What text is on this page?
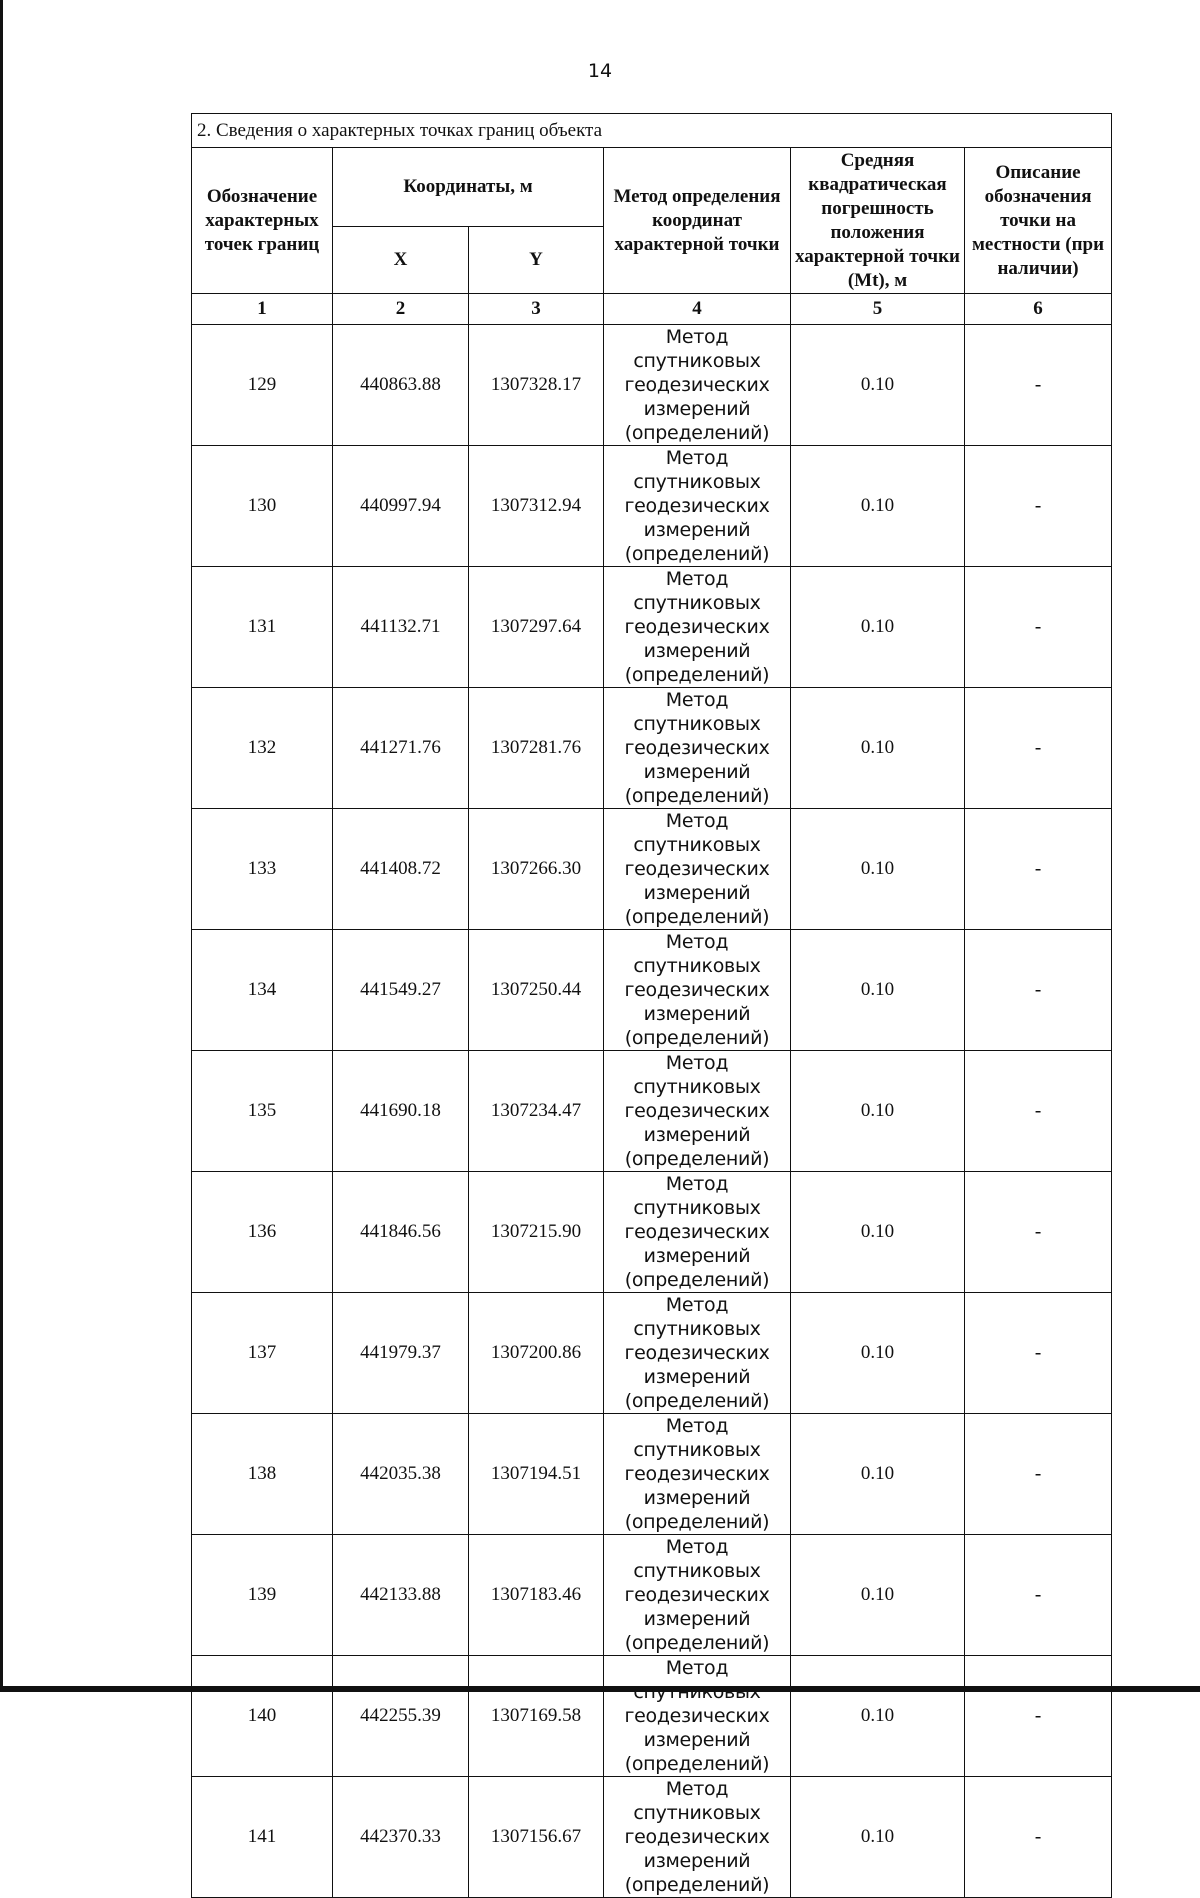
14
2. Сведения о характерных точках границ объекта					
Обозначение характерных точек границ	Координаты, м		Метод определения координат характерной точки	Средняя квадратическая погрешность положения характерной точки (Mt), м	Описание обозначения точки на местности (при наличии)
	X	Y			
1	2	3	4	5	6
129	440863.88	1307328.17	Метод спутниковых геодезических измерений (определений)	0.10	-
130	440997.94	1307312.94	Метод спутниковых геодезических измерений (определений)	0.10	-
131	441132.71	1307297.64	Метод спутниковых геодезических измерений (определений)	0.10	-
132	441271.76	1307281.76	Метод спутниковых геодезических измерений (определений)	0.10	-
133	441408.72	1307266.30	Метод спутниковых геодезических измерений (определений)	0.10	-
134	441549.27	1307250.44	Метод спутниковых геодезических измерений (определений)	0.10	-
135	441690.18	1307234.47	Метод спутниковых геодезических измерений (определений)	0.10	-
136	441846.56	1307215.90	Метод спутниковых геодезических измерений (определений)	0.10	-
137	441979.37	1307200.86	Метод спутниковых геодезических измерений (определений)	0.10	-
138	442035.38	1307194.51	Метод спутниковых геодезических измерений (определений)	0.10	-
139	442133.88	1307183.46	Метод спутниковых геодезических измерений (определений)	0.10	-
140	442255.39	1307169.58	Метод спутниковых геодезических измерений (определений)	0.10	-
141	442370.33	1307156.67	Метод спутниковых геодезических измерений (определений)	0.10	-
